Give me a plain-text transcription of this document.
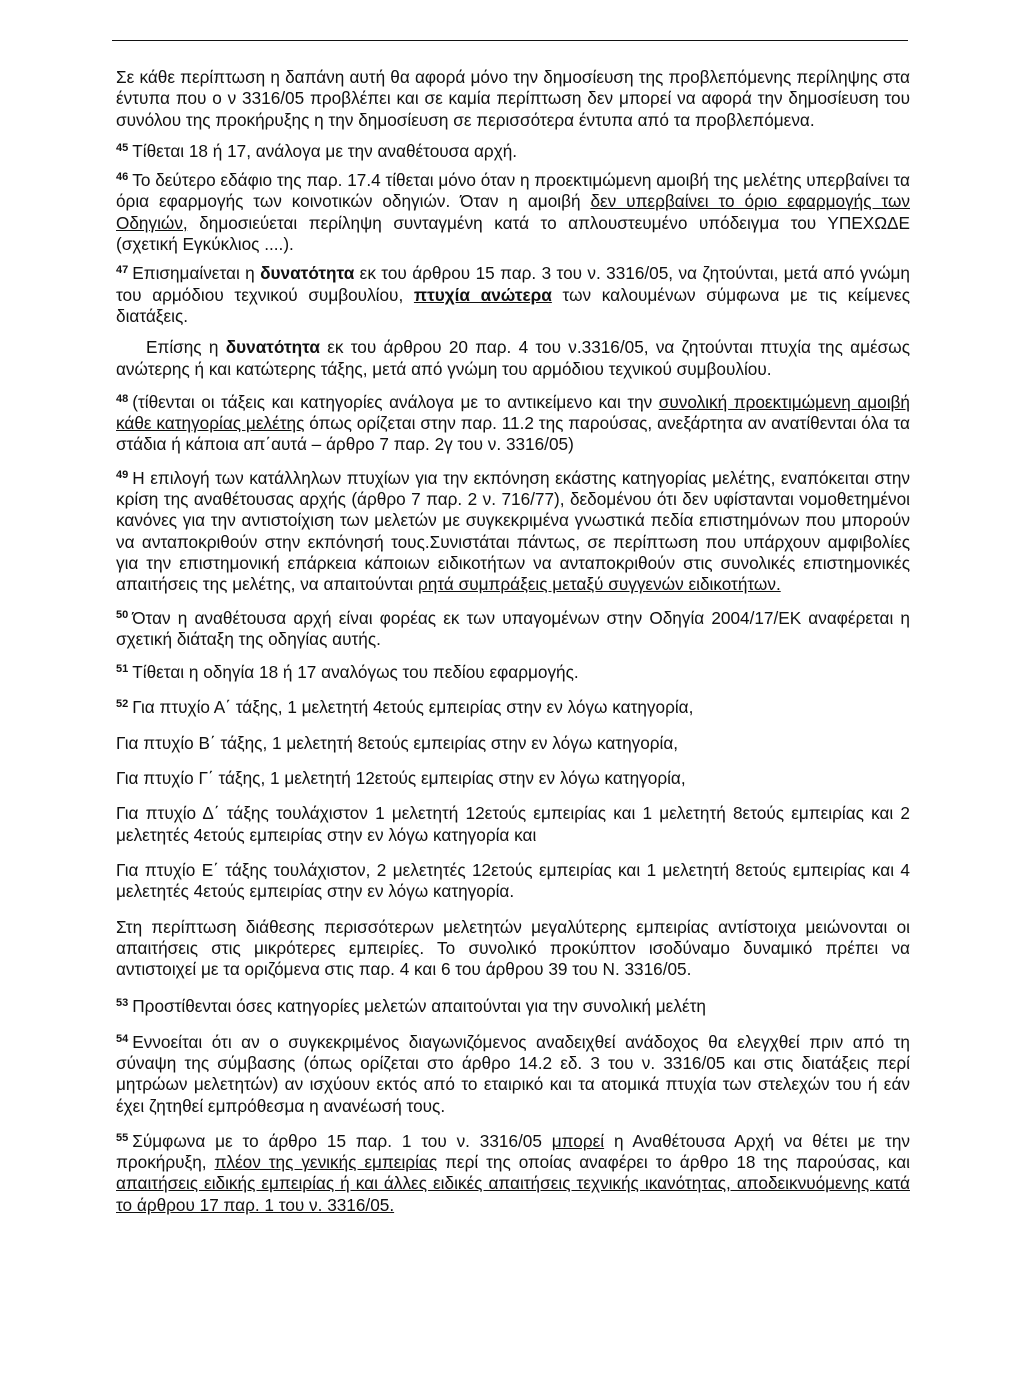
Σε κάθε περίπτωση η δαπάνη αυτή θα αφορά μόνο την δημοσίευση της προβλεπόμενης περίληψης στα έντυπα που ο ν 3316/05 προβλέπει και σε καμία περίπτωση δεν μπορεί να αφορά την δημοσίευση του συνόλου της προκήρυξης η την δημοσίευση σε περισσότερα έντυπα από τα προβλεπόμενα.

$^{45}$ Τίθεται 18 ή 17, ανάλογα με την αναθέτουσα αρχή.

$^{46}$ Το δεύτερο εδάφιο της παρ. 17.4 τίθεται μόνο όταν η προεκτιμώμενη αμοιβή της μελέτης υπερβαίνει τα όρια εφαρμογής των κοινοτικών οδηγιών. Όταν η αμοιβή δεν υπερβαίνει το όριο εφαρμογής των Οδηγιών, δημοσιεύεται περίληψη συνταγμένη κατά το απλουστευμένο υπόδειγμα του ΥΠΕΧΩΔΕ (σχετική Εγκύκλιος ....).

$^{47}$ Επισημαίνεται η δυνατότητα εκ του άρθρου 15 παρ. 3 του ν. 3316/05, να ζητούνται, μετά από γνώμη του αρμόδιου τεχνικού συμβουλίου, πτυχία ανώτερα των καλουμένων σύμφωνα με τις κείμενες διατάξεις.

Επίσης η δυνατότητα εκ του άρθρου 20 παρ. 4 του ν.3316/05, να ζητούνται πτυχία της αμέσως ανώτερης ή και κατώτερης τάξης, μετά από γνώμη του αρμόδιου τεχνικού συμβουλίου.

$^{48}$ (τίθενται οι τάξεις και κατηγορίες ανάλογα με το αντικείμενο και την συνολική προεκτιμώμενη αμοιβή κάθε κατηγορίας μελέτης όπως ορίζεται στην παρ. 11.2 της παρούσας, ανεξάρτητα αν ανατίθενται όλα τα στάδια ή κάποια απ΄αυτά – άρθρο 7 παρ. 2γ του ν. 3316/05)

$^{49}$ Η επιλογή των κατάλληλων πτυχίων για την εκπόνηση εκάστης κατηγορίας μελέτης, εναπόκειται στην κρίση της αναθέτουσας αρχής (άρθρο 7 παρ. 2 ν. 716/77), δεδομένου ότι δεν υφίστανται νομοθετημένοι κανόνες για την αντιστοίχιση των μελετών με συγκεκριμένα γνωστικά πεδία επιστημόνων που μπορούν να ανταποκριθούν στην εκπόνησή τους.Συνιστάται πάντως, σε περίπτωση που υπάρχουν αμφιβολίες για την επιστημονική επάρκεια κάποιων ειδικοτήτων να ανταποκριθούν στις συνολικές επιστημονικές απαιτήσεις της μελέτης, να απαιτούνται ρητά συμπράξεις μεταξύ συγγενών ειδικοτήτων.

$^{50}$ Όταν η αναθέτουσα αρχή είναι φορέας εκ των υπαγομένων στην Οδηγία 2004/17/ΕΚ αναφέρεται η σχετική διάταξη της οδηγίας αυτής.

$^{51}$ Τίθεται η οδηγία 18 ή 17 αναλόγως του πεδίου εφαρμογής.

$^{52}$ Για πτυχίο Α΄ τάξης, 1 μελετητή 4ετούς εμπειρίας στην εν λόγω κατηγορία,

Για πτυχίο Β΄ τάξης, 1 μελετητή 8ετούς εμπειρίας στην εν λόγω κατηγορία,

Για πτυχίο Γ΄ τάξης, 1 μελετητή 12ετούς εμπειρίας στην εν λόγω κατηγορία,

Για πτυχίο Δ΄ τάξης τουλάχιστον 1 μελετητή 12ετούς εμπειρίας και 1 μελετητή 8ετούς εμπειρίας και 2 μελετητές 4ετούς εμπειρίας στην εν λόγω κατηγορία και

Για πτυχίο Ε΄ τάξης τουλάχιστον, 2 μελετητές 12ετούς εμπειρίας και 1 μελετητή 8ετούς εμπειρίας και 4 μελετητές 4ετούς εμπειρίας στην εν λόγω κατηγορία.

Στη περίπτωση διάθεσης περισσότερων μελετητών μεγαλύτερης εμπειρίας αντίστοιχα μειώνονται οι απαιτήσεις στις μικρότερες εμπειρίες. Το συνολικό προκύπτον ισοδύναμο δυναμικό πρέπει να αντιστοιχεί με τα οριζόμενα στις παρ. 4 και 6 του άρθρου 39 του Ν. 3316/05.

$^{53}$ Προστίθενται όσες κατηγορίες μελετών απαιτούνται για την συνολική μελέτη

$^{54}$ Εννοείται ότι αν ο συγκεκριμένος διαγωνιζόμενος αναδειχθεί ανάδοχος θα ελεγχθεί πριν από τη σύναψη της σύμβασης (όπως ορίζεται στο άρθρο 14.2 εδ. 3 του ν. 3316/05 και στις διατάξεις περί μητρώων μελετητών) αν ισχύουν εκτός από το εταιρικό και τα ατομικά πτυχία των στελεχών του ή εάν έχει ζητηθεί εμπρόθεσμα η ανανέωσή τους.

$^{55}$ Σύμφωνα με το άρθρο 15 παρ. 1 του ν. 3316/05 μπορεί η Αναθέτουσα Αρχή να θέτει με την προκήρυξη, πλέον της γενικής εμπειρίας περί της οποίας αναφέρει το άρθρο 18 της παρούσας, και απαιτήσεις ειδικής εμπειρίας ή και άλλες ειδικές απαιτήσεις τεχνικής ικανότητας, αποδεικνυόμενης κατά το άρθρου 17 παρ. 1 του ν. 3316/05.
